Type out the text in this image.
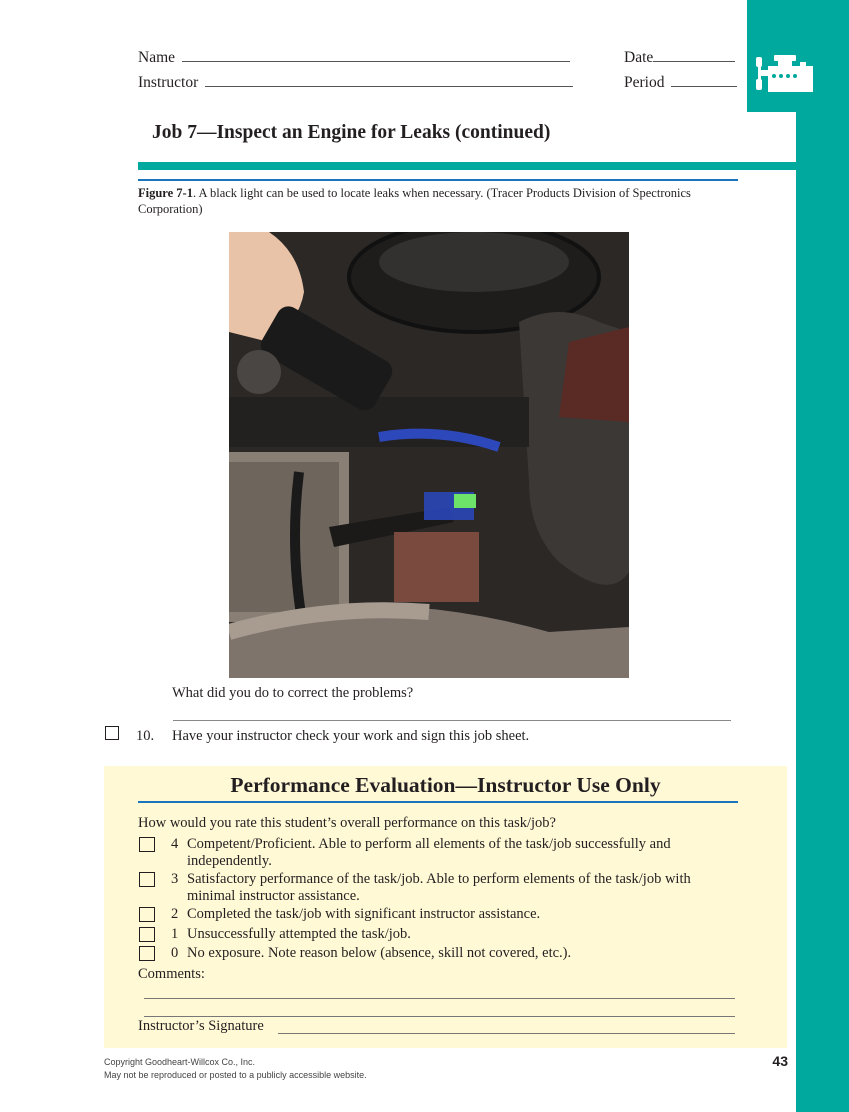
Name
Instructor
Date
Period
Job 7—Inspect an Engine for Leaks (continued)
Figure 7-1. A black light can be used to locate leaks when necessary. (Tracer Products Division of Spectronics Corporation)
What did you do to correct the problems?
10. Have your instructor check your work and sign this job sheet.
Performance Evaluation—Instructor Use Only
How would you rate this student’s overall performance on this task/job?
4 Competent/Proficient. Able to perform all elements of the task/job successfully and independently.
3 Satisfactory performance of the task/job. Able to perform elements of the task/job with minimal instructor assistance.
2 Completed the task/job with significant instructor assistance.
1 Unsuccessfully attempted the task/job.
0 No exposure. Note reason below (absence, skill not covered, etc.).
Comments:
Instructor’s Signature
Copyright Goodheart-Willcox Co., Inc.
May not be reproduced or posted to a publicly accessible website.
43
